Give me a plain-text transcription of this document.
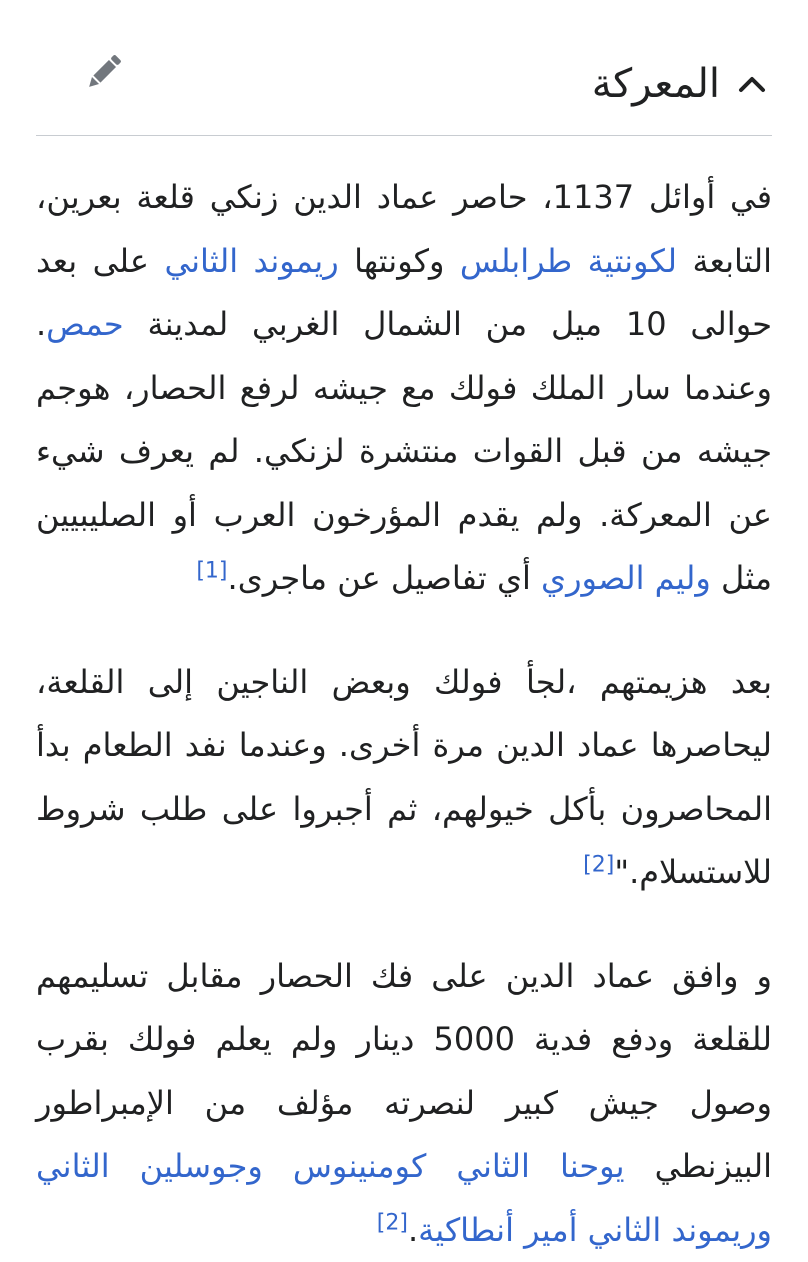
المعركة

في أوائل 1137، حاصر عماد الدين زنكي قلعة بعرين، التابعة لكونتية طرابلس وكونتها ريموند الثاني على بعد حوالى 10 ميل من الشمال الغربي لمدينة حمص. وعندما سار الملك فولك مع جيشه لرفع الحصار، هوجم جيشه من قبل القوات منتشرة لزنكي. لم يعرف شيء عن المعركة. ولم يقدم المؤرخون العرب أو الصليبيين مثل وليم الصوري أي تفاصيل عن ماجرى.[1]

بعد هزيمتهم ،لجأ فولك وبعض الناجين إلى القلعة، ليحاصرها عماد الدين مرة أخرى. وعندما نفد الطعام بدأ المحاصرون بأكل خيولهم، ثم أجبروا على طلب شروط للاستسلام."[2]

و وافق عماد الدين على فك الحصار مقابل تسليمهم للقلعة ودفع فدية 5000 دينار ولم يعلم فولك بقرب وصول جيش كبير لنصرته مؤلف من الإمبراطور البيزنطي يوحنا الثاني كومنينوس وجوسلين الثاني وريموند الثاني أمير أنطاكية.[2]
